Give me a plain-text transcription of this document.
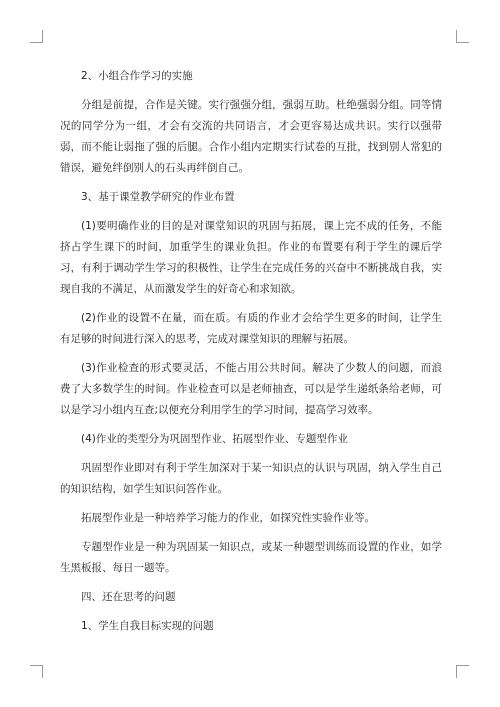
2、小组合作学习的实施

分组是前提，合作是关键。实行强强分组，强弱互助。杜绝强弱分组。同等情况的同学分为一组，才会有交流的共同语言，才会更容易达成共识。实行以强带弱，而不能让弱拖了强的后腿。合作小组内定期实行试卷的互批，找到别人常犯的错误，避免绊倒别人的石头再绊倒自己。

3、基于课堂教学研究的作业布置

(1)要明确作业的目的是对课堂知识的巩固与拓展，课上完不成的任务，不能挤占学生课下的时间，加重学生的课业负担。作业的布置要有利于学生的课后学习，有利于调动学生学习的积极性，让学生在完成任务的兴奋中不断挑战自我，实现自我的不满足，从而激发学生的好奇心和求知欲。

(2)作业的设置不在量，而在质。有质的作业才会给学生更多的时间，让学生有足够的时间进行深入的思考，完成对课堂知识的理解与拓展。

(3)作业检查的形式要灵活，不能占用公共时间。解决了少数人的问题，而浪费了大多数学生的时间。作业检查可以是老师抽查，可以是学生递纸条给老师，可以是学习小组内互查;以便充分利用学生的学习时间，提高学习效率。

(4)作业的类型分为巩固型作业、拓展型作业、专题型作业

巩固型作业即对有利于学生加深对于某一知识点的认识与巩固，纳入学生自己的知识结构，如学生知识问答作业。

拓展型作业是一种培养学习能力的作业，如探究性实验作业等。

专题型作业是一种为巩固某一知识点，或某一种题型训练而设置的作业，如学生黑板报、每日一题等。

四、还在思考的问题

1、学生自我目标实现的问题
